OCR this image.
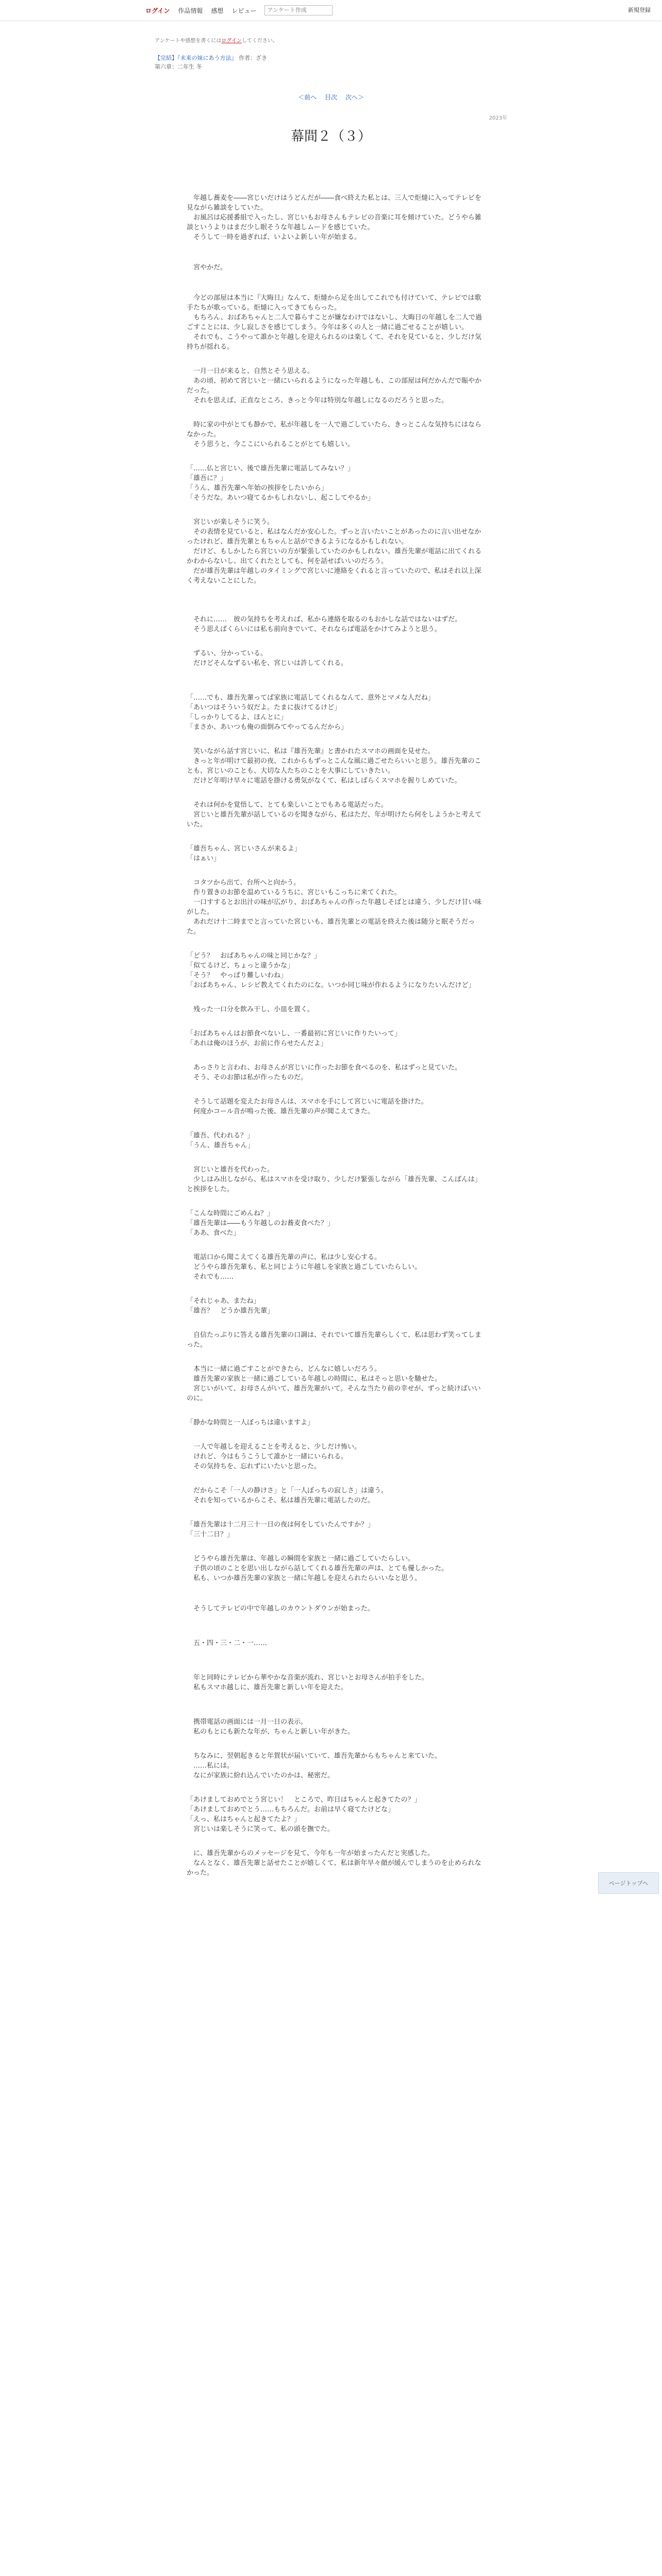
ログイン 作品情報 感想 レビュー
アンケート作成	新規登録
アンケートや感想を書くにはログインしてください。
【完結】『未来の妹にあう方法』 作者：ざき
第六章：二年生 冬
＜前へ 目次 次へ＞
2023年
幕間２（３）

　年越し蕎麦を――宮じいだけはうどんだが――食べ終えた私とは、三人で炬燵に入ってテレビを見ながら雑談をしていた。
　お風呂は応援番組で入ったし、宮じいもお母さんもテレビの音楽に耳を傾けていた。どうやら雑談というよりはまだ少し眠そうな年越しムードを感じていた。
　そうして一時を過ぎれば、いよいよ新しい年が始まる。

　宮やかだ。

　今どの部屋は本当に『大晦日』なんて、炬燵から足を出してこれでも付けていて、テレビでは歌手たちが歌っている。炬燵に入ってきてもらった。
　もちろん、おばあちゃんと二人で暮らすことが嫌なわけではないし、大晦日の年越しを二人で過ごすことには、少し寂しさを感じてしまう。今年は多くの人と一緒に過ごせることが嬉しい。
　それでも、こうやって誰かと年越しを迎えられるのは楽しくて、それを見ていると、少しだけ気持ちが揺れる。

　一月一日が来ると、自然とそう思える。
　あの頃、初めて宮じいと一緒にいられるようになった年越しも、この部屋は何だかんだで賑やかだった。
　それを思えば、正直なところ、きっと今年は特別な年越しになるのだろうと思った。

　時に家の中がとても静かで、私が年越しを一人で過ごしていたら、きっとこんな気持ちにはならなかった。
　そう思うと、今ここにいられることがとても嬉しい。

「……仏と宮じい、後で雄吾先輩に電話してみない？」
「雄吾に？」
「うん、雄吾先輩へ年始の挨拶をしたいから」
「そうだな。あいつ寝てるかもしれないし、起こしてやるか」

　宮じいが楽しそうに笑う。
　その表情を見ていると、私はなんだか安心した。ずっと言いたいことがあったのに言い出せなかったけれど、雄吾先輩ともちゃんと話ができるようになるかもしれない。
　だけど、もしかしたら宮じいの方が緊張していたのかもしれない。雄吾先輩が電話に出てくれるかわからないし、出てくれたとしても、何を話せばいいのだろう。
　だが雄吾先輩は年越しのタイミングで宮じいに連絡をくれると言っていたので、私はそれ以上深く考えないことにした。

　それに……　彼の気持ちを考えれば、私から連絡を取るのもおかしな話ではないはずだ。
　そう思えばくらいには私も前向きでいて、それならば電話をかけてみようと思う。

　ずるい、分かっている。
　だけどそんなずるい私を、宮じいは許してくれる。

「……でも、雄吾先輩ってば家族に電話してくれるなんて、意外とマメな人だね」
「あいつはそういう奴だよ。たまに抜けてるけど」
「しっかりしてるよ、ほんとに」
「まさか、あいつも俺の面倒みてやってるんだから」

　笑いながら話す宮じいに、私は『雄吾先輩』と書かれたスマホの画面を見せた。
　きっと年が明けて最初の夜、これからもずっとこんな風に過ごせたらいいと思う。雄吾先輩のことも、宮じいのことも、大切な人たちのことを大事にしていきたい。
　だけど年明け早々に電話を掛ける勇気がなくて、私はしばらくスマホを握りしめていた。

　それは何かを覚悟して、とても楽しいことでもある電話だった。
　宮じいと雄吾先輩が話しているのを聞きながら、私はただ、年が明けたら何をしようかと考えていた。

「雄吾ちゃん、宮じいさんが来るよ」
「はぁい」

　コタツから出て、台所へと向かう。
　作り置きのお節を温めているうちに、宮じいもこっちに来てくれた。
　一口すするとお出汁の味が広がり、おばあちゃんの作った年越しそばとは違う、少しだけ甘い味がした。
　あれだけ十二時までと言っていた宮じいも、雄吾先輩との電話を終えた後は随分と眠そうだった。

「どう？　おばあちゃんの味と同じかな？」
「似てるけど、ちょっと違うかな」
「そう？　やっぱり難しいわね」
「おばあちゃん、レシピ教えてくれたのにな。いつか同じ味が作れるようになりたいんだけど」

　残った一口分を飲み干し、小皿を置く。

「おばあちゃんはお節食べないし、一番最初に宮じいに作りたいって」
「あれは俺のほうが、お前に作らせたんだよ」

　あっさりと言われ、お母さんが宮じいに作ったお節を食べるのを、私はずっと見ていた。
　そう、そのお節は私が作ったものだ。

　そうして話題を変えたお母さんは、スマホを手にして宮じいに電話を掛けた。
　何度かコール音が鳴った後、雄吾先輩の声が聞こえてきた。

「雄吾、代われる？」
「うん、雄吾ちゃん」

　宮じいと雄吾を代わった。
　少しはみ出しながら、私はスマホを受け取り、少しだけ緊張しながら「雄吾先輩、こんばんは」と挨拶をした。

「こんな時間にごめんね？」
「雄吾先輩は――もう年越しのお蕎麦食べた？」
「ああ、食べた」

　電話口から聞こえてくる雄吾先輩の声に、私は少し安心する。
　どうやら雄吾先輩も、私と同じように年越しを家族と過ごしていたらしい。
　それでも……

「それじゃあ、またね」
「雄吾？　どうか雄吾先輩」

　自信たっぷりに答える雄吾先輩の口調は、それでいて雄吾先輩らしくて、私は思わず笑ってしまった。

　本当に一緒に過ごすことができたら、どんなに嬉しいだろう。
　雄吾先輩の家族と一緒に過ごしている年越しの時間に、私はそっと思いを馳せた。
　宮じいがいて、お母さんがいて、雄吾先輩がいて。そんな当たり前の幸せが、ずっと続けばいいのに。

「静かな時間と一人ぼっちは違いますよ」

　一人で年越しを迎えることを考えると、少しだけ怖い。
　けれど、今はもうこうして誰かと一緒にいられる。
　その気持ちを、忘れずにいたいと思った。

　だからこそ「一人の静けさ」と「一人ぼっちの寂しさ」は違う。
　それを知っているからこそ、私は雄吾先輩に電話したのだ。

「雄吾先輩は十二月三十一日の夜は何をしていたんですか？」
「三十二日？」

　どうやら雄吾先輩は、年越しの瞬間を家族と一緒に過ごしていたらしい。
　子供の頃のことを思い出しながら話してくれる雄吾先輩の声は、とても優しかった。
　私も、いつか雄吾先輩の家族と一緒に年越しを迎えられたらいいなと思う。

　そうしてテレビの中で年越しのカウントダウンが始まった。

　五・四・三・二・一……

　年と同時にテレビから華やかな音楽が流れ、宮じいとお母さんが拍手をした。
　私もスマホ越しに、雄吾先輩と新しい年を迎えた。

　携帯電話の画面には一月一日の表示。
　私のもとにも新たな年が、ちゃんと新しい年がきた。

　ちなみに、翌朝起きると年賀状が届いていて、雄吾先輩からもちゃんと来ていた。
　……私には。
　なにが家族に紛れ込んでいたのかは、秘密だ。

「あけましておめでとう宮じい！　ところで、昨日はちゃんと起きてたの？」
「あけましておめでとう……もちろんだ。お前は早く寝てたけどな」
「えっ、私はちゃんと起きてたよ？」
　宮じいは楽しそうに笑って、私の頭を撫でた。

　に、雄吾先輩からのメッセージを見て、今年も一年が始まったんだと実感した。
　なんとなく、雄吾先輩と話せたことが嬉しくて、私は新年早々顔が緩んでしまうのを止められなかった。

ページトップへ
